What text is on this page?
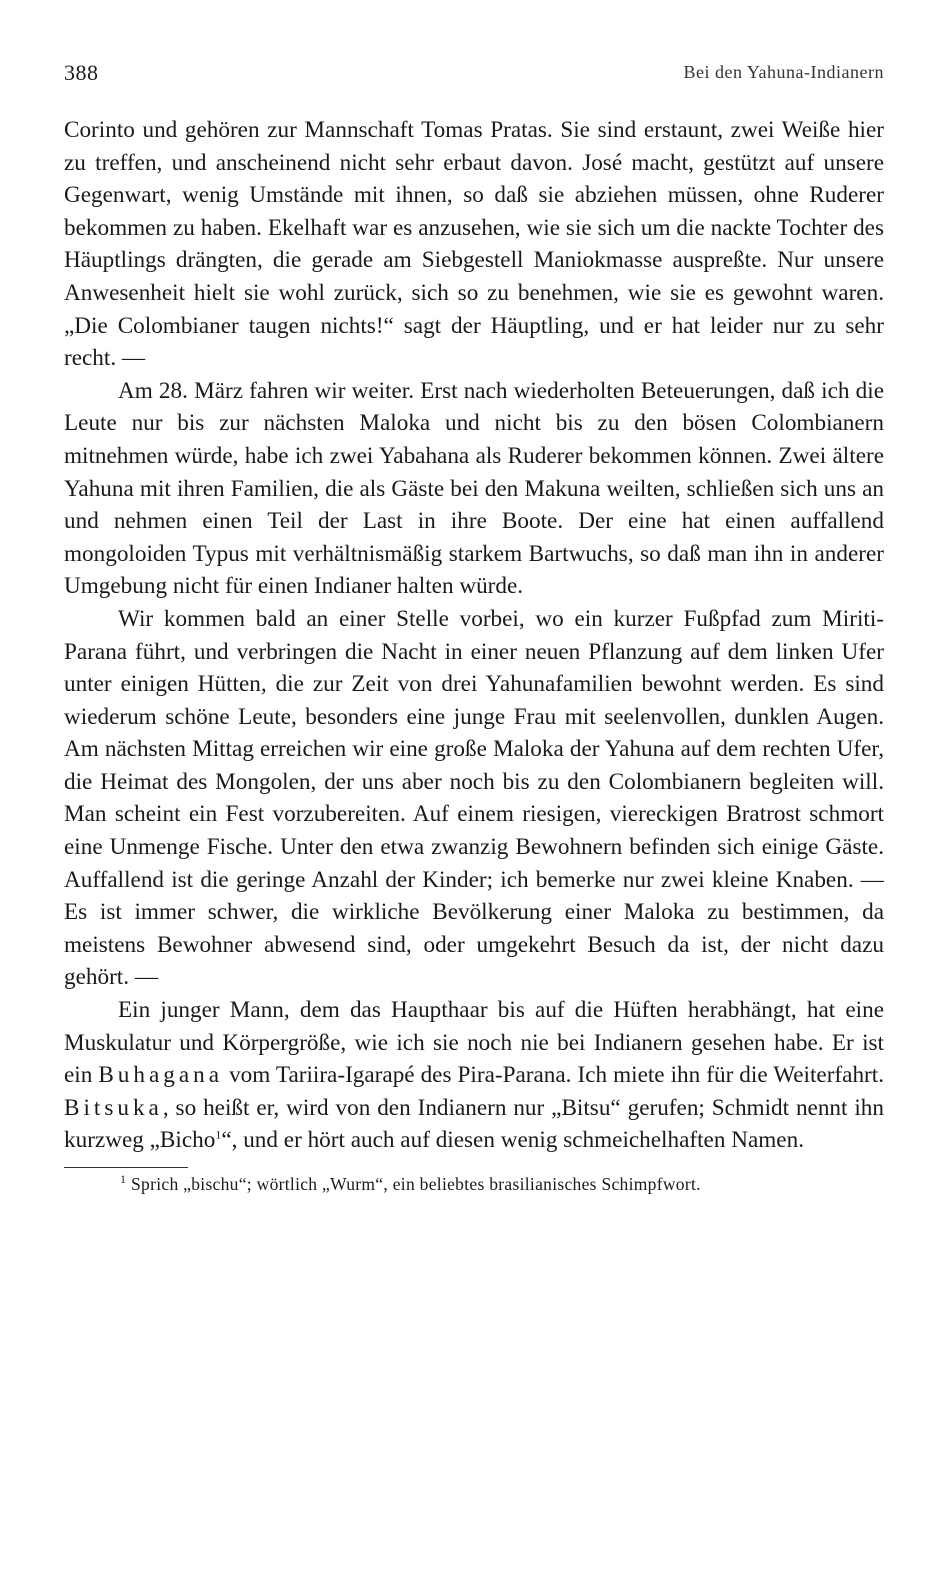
388	Bei den Yahuna-Indianern

Corinto und gehören zur Mannschaft Tomas Pratas. Sie sind erstaunt, zwei Weiße hier zu treffen, und anscheinend nicht sehr erbaut davon. José macht, gestützt auf unsere Gegenwart, wenig Umstände mit ihnen, so daß sie abziehen müssen, ohne Ruderer bekommen zu haben. Ekelhaft war es anzusehen, wie sie sich um die nackte Tochter des Häuptlings drängten, die gerade am Siebgestell Maniokmasse auspreßte. Nur unsere Anwesenheit hielt sie wohl zurück, sich so zu benehmen, wie sie es gewohnt waren. „Die Colombianer taugen nichts!“ sagt der Häuptling, und er hat leider nur zu sehr recht. —

Am 28. März fahren wir weiter. Erst nach wiederholten Beteuerungen, daß ich die Leute nur bis zur nächsten Maloka und nicht bis zu den bösen Colombianern mitnehmen würde, habe ich zwei Yabahana als Ruderer bekommen können. Zwei ältere Yahuna mit ihren Familien, die als Gäste bei den Makuna weilten, schließen sich uns an und nehmen einen Teil der Last in ihre Boote. Der eine hat einen auffallend mongoloiden Typus mit verhältnismäßig starkem Bartwuchs, so daß man ihn in anderer Umgebung nicht für einen Indianer halten würde.

Wir kommen bald an einer Stelle vorbei, wo ein kurzer Fußpfad zum Miriti-Parana führt, und verbringen die Nacht in einer neuen Pflanzung auf dem linken Ufer unter einigen Hütten, die zur Zeit von drei Yahunafamilien bewohnt werden. Es sind wiederum schöne Leute, besonders eine junge Frau mit seelenvollen, dunklen Augen. Am nächsten Mittag erreichen wir eine große Maloka der Yahuna auf dem rechten Ufer, die Heimat des Mongolen, der uns aber noch bis zu den Colombianern begleiten will. Man scheint ein Fest vorzubereiten. Auf einem riesigen, viereckigen Bratrost schmort eine Unmenge Fische. Unter den etwa zwanzig Bewohnern befinden sich einige Gäste. Auffallend ist die geringe Anzahl der Kinder; ich bemerke nur zwei kleine Knaben. — Es ist immer schwer, die wirkliche Bevölkerung einer Maloka zu bestimmen, da meistens Bewohner abwesend sind, oder umgekehrt Besuch da ist, der nicht dazu gehört. —

Ein junger Mann, dem das Haupthaar bis auf die Hüften herabhängt, hat eine Muskulatur und Körpergröße, wie ich sie noch nie bei Indianern gesehen habe. Er ist ein Buhagana vom Tariira-Igarapé des Pira-Parana. Ich miete ihn für die Weiterfahrt. Bitsuka, so heißt er, wird von den Indianern nur „Bitsu“ gerufen; Schmidt nennt ihn kurzweg „Bicho$^1$“, und er hört auch auf diesen wenig schmeichelhaften Namen.

$^1$ Sprich „bischu“; wörtlich „Wurm“, ein beliebtes brasilianisches Schimpfwort.
